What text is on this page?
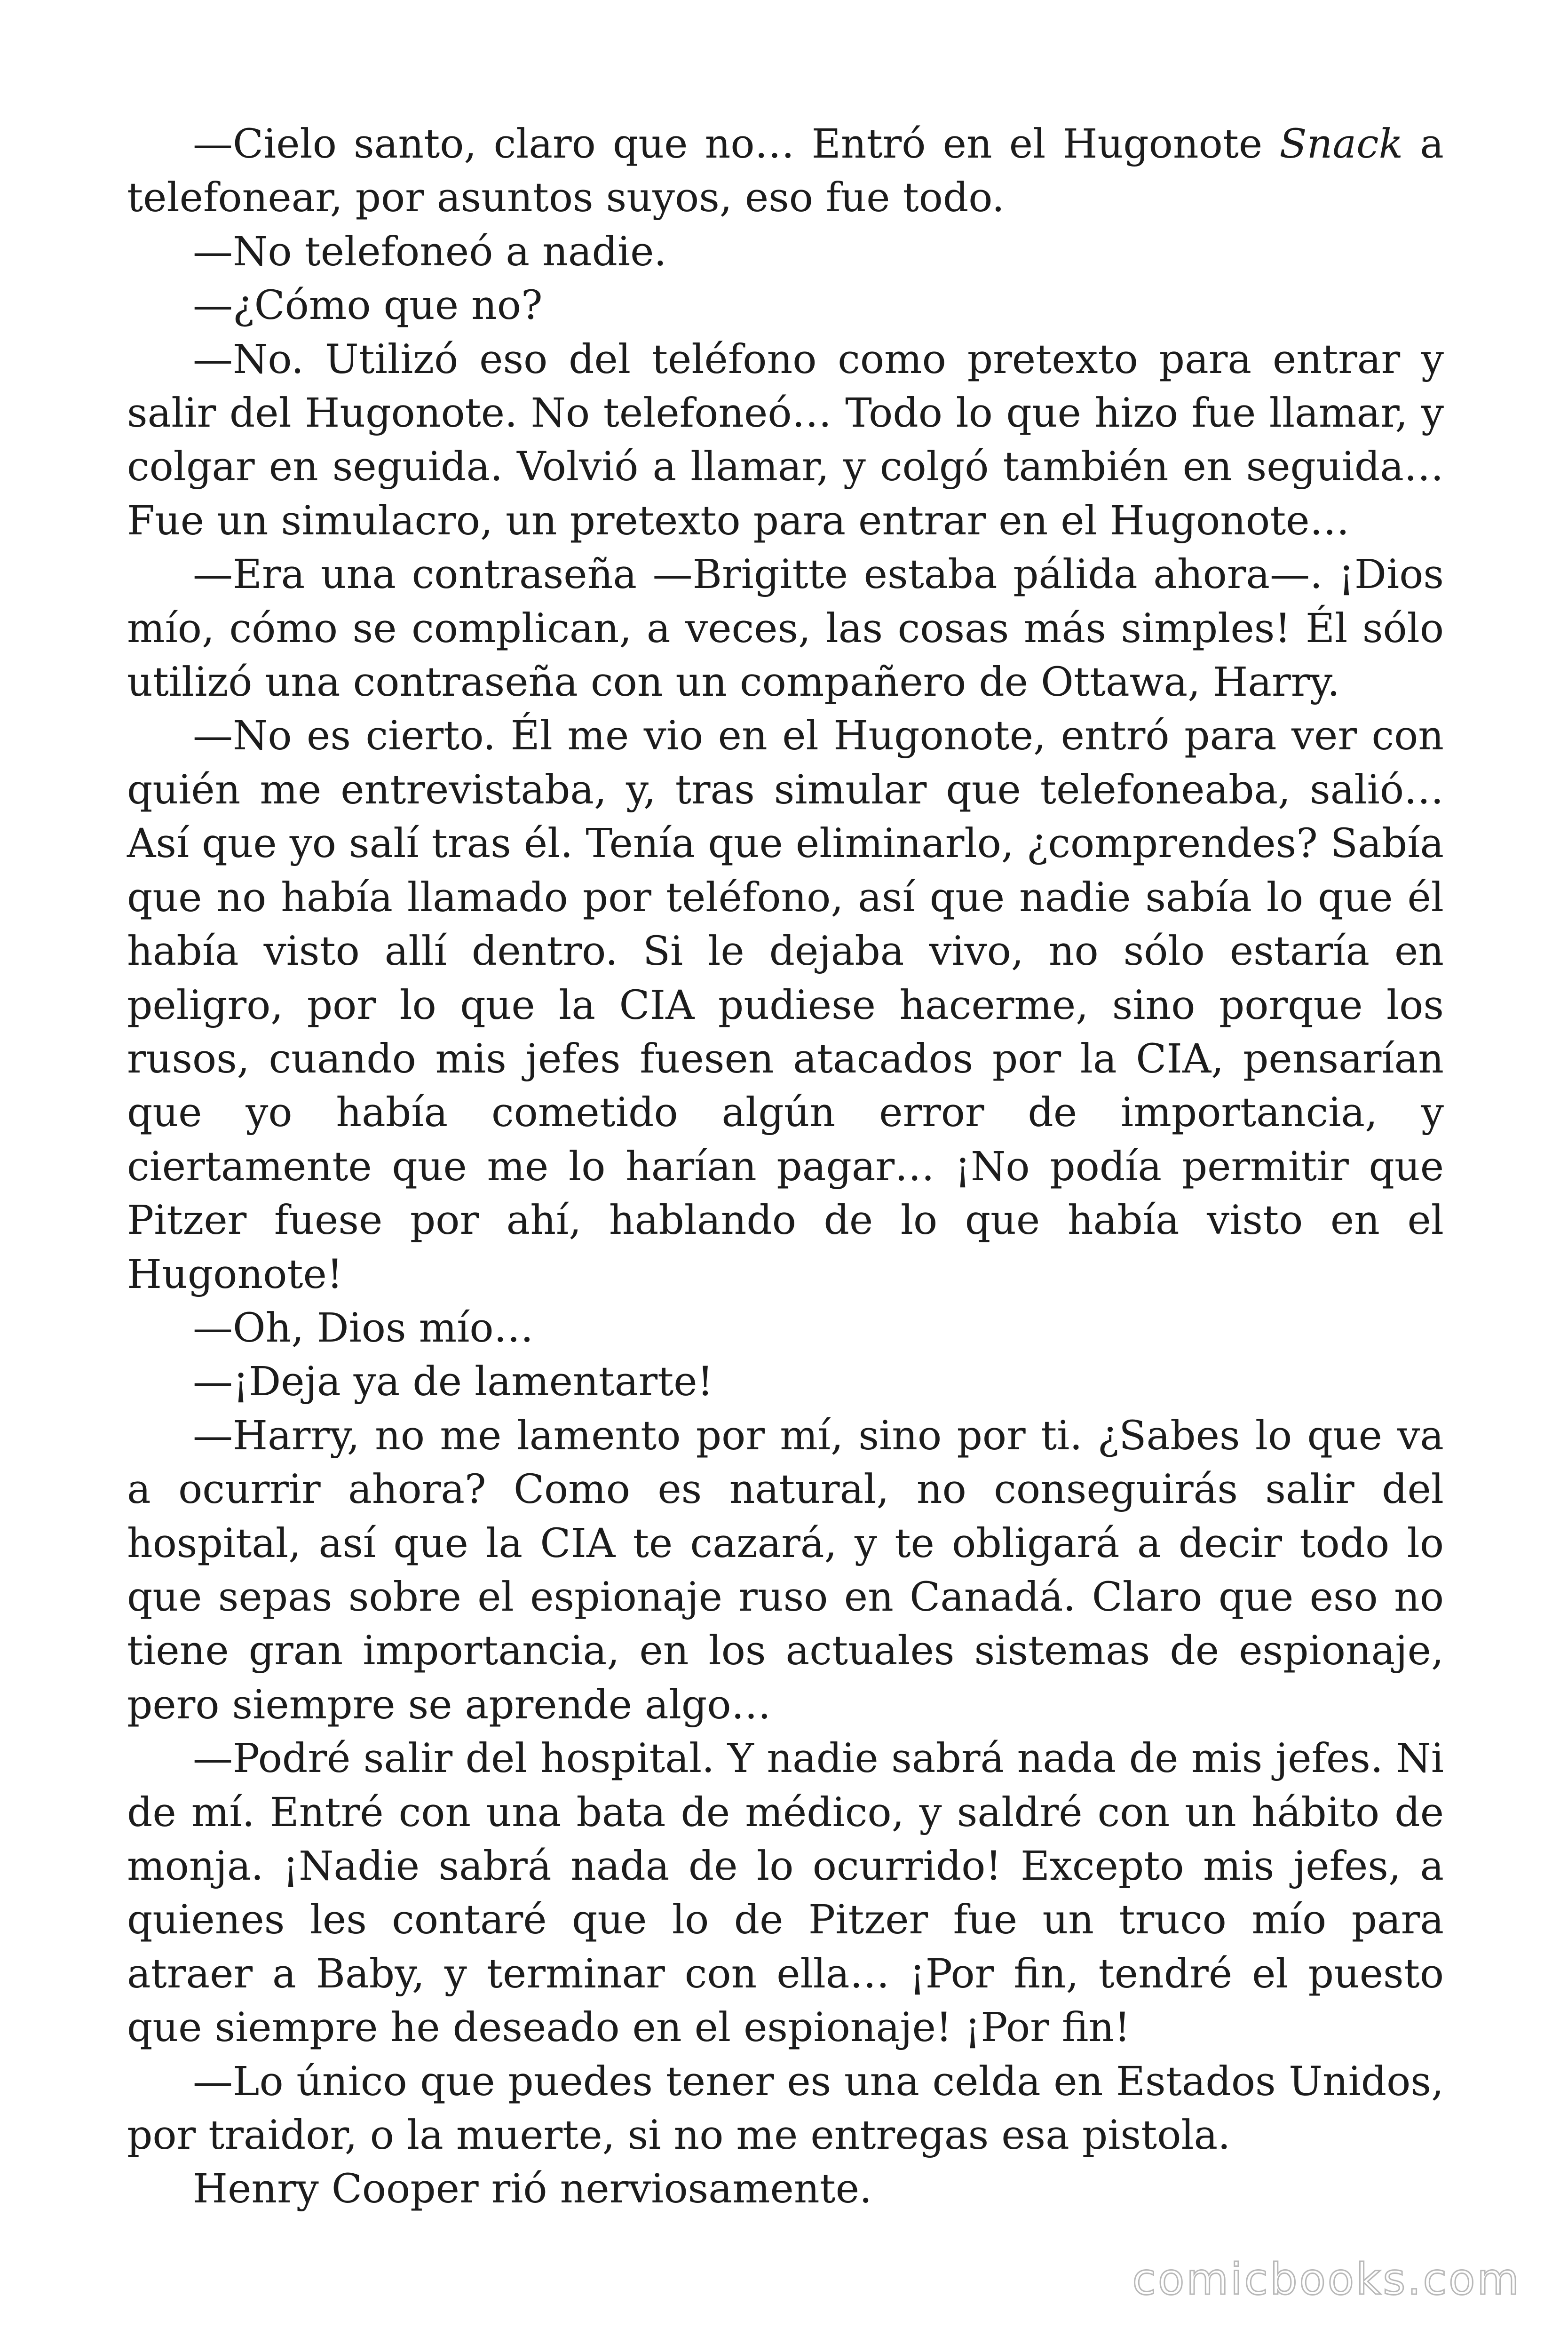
—Cielo santo, claro que no… Entró en el Hugonote Snack a telefonear, por asuntos suyos, eso fue todo.

—No telefoneó a nadie.

—¿Cómo que no?

—No. Utilizó eso del teléfono como pretexto para entrar y salir del Hugonote. No telefoneó… Todo lo que hizo fue llamar, y colgar en seguida. Volvió a llamar, y colgó también en seguida… Fue un simulacro, un pretexto para entrar en el Hugonote…

—Era una contraseña —Brigitte estaba pálida ahora—. ¡Dios mío, cómo se complican, a veces, las cosas más simples! Él sólo utilizó una contraseña con un compañero de Ottawa, Harry.

—No es cierto. Él me vio en el Hugonote, entró para ver con quién me entrevistaba, y, tras simular que telefoneaba, salió… Así que yo salí tras él. Tenía que eliminarlo, ¿comprendes? Sabía que no había llamado por teléfono, así que nadie sabía lo que él había visto allí dentro. Si le dejaba vivo, no sólo estaría en peligro, por lo que la CIA pudiese hacerme, sino porque los rusos, cuando mis jefes fuesen atacados por la CIA, pensarían que yo había cometido algún error de importancia, y ciertamente que me lo harían pagar… ¡No podía permitir que Pitzer fuese por ahí, hablando de lo que había visto en el Hugonote!

—Oh, Dios mío…

—¡Deja ya de lamentarte!

—Harry, no me lamento por mí, sino por ti. ¿Sabes lo que va a ocurrir ahora? Como es natural, no conseguirás salir del hospital, así que la CIA te cazará, y te obligará a decir todo lo que sepas sobre el espionaje ruso en Canadá. Claro que eso no tiene gran importancia, en los actuales sistemas de espionaje, pero siempre se aprende algo…

—Podré salir del hospital. Y nadie sabrá nada de mis jefes. Ni de mí. Entré con una bata de médico, y saldré con un hábito de monja. ¡Nadie sabrá nada de lo ocurrido! Excepto mis jefes, a quienes les contaré que lo de Pitzer fue un truco mío para atraer a Baby, y terminar con ella… ¡Por fin, tendré el puesto que siempre he deseado en el espionaje! ¡Por fin!

—Lo único que puedes tener es una celda en Estados Unidos, por traidor, o la muerte, si no me entregas esa pistola.

Henry Cooper rió nerviosamente.

comicbooks.com
